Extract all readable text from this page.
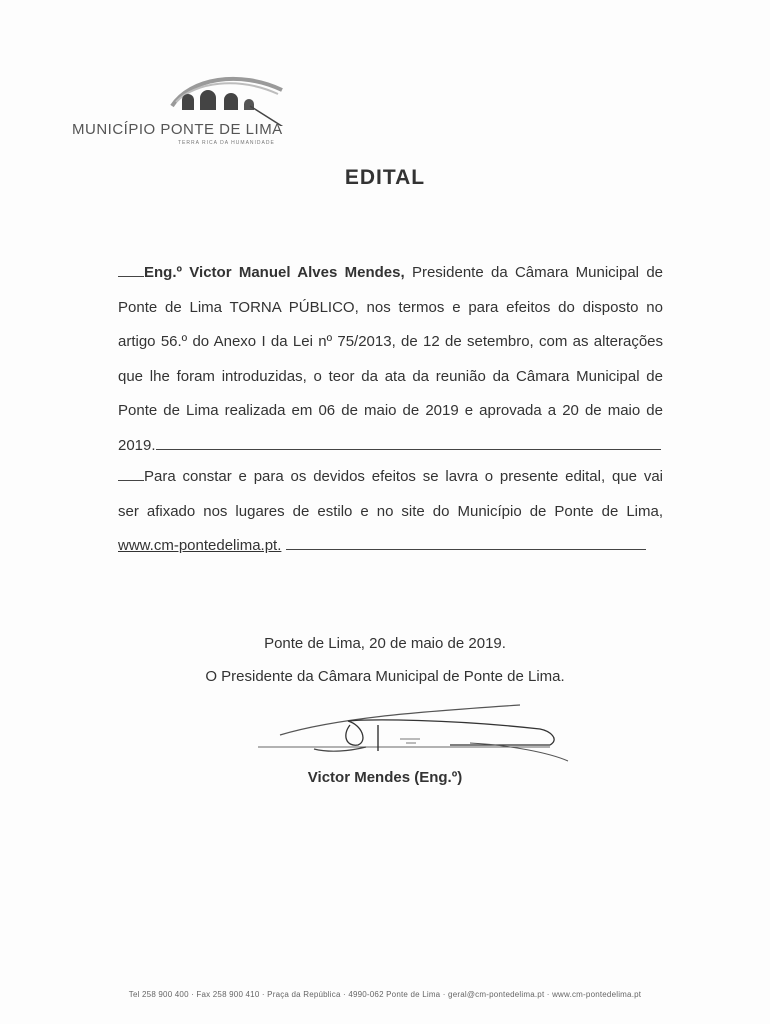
MUNICÍPIO PONTE DE LIMA
TERRA RICA DA HUMANIDADE
EDITAL
Eng.º Victor Manuel Alves Mendes, Presidente da Câmara Municipal de
Ponte de Lima TORNA PÚBLICO, nos termos e para efeitos do disposto no
artigo 56.º do Anexo I da Lei nº 75/2013, de 12 de setembro, com as alterações
que lhe foram introduzidas, o teor da ata da reunião da Câmara Municipal de
Ponte de Lima realizada em 06 de maio de 2019 e aprovada a 20 de maio de
2019.
Para constar e para os devidos efeitos se lavra o presente edital, que vai
ser afixado nos lugares de estilo e no site do Município de Ponte de Lima,
www.cm-pontedelima.pt.
Ponte de Lima, 20 de maio de 2019.
O Presidente da Câmara Municipal de Ponte de Lima.
Victor Mendes (Eng.º)
Tel 258 900 400 · Fax 258 900 410 · Praça da República · 4990-062 Ponte de Lima · geral@cm-pontedelima.pt · www.cm-pontedelima.pt
